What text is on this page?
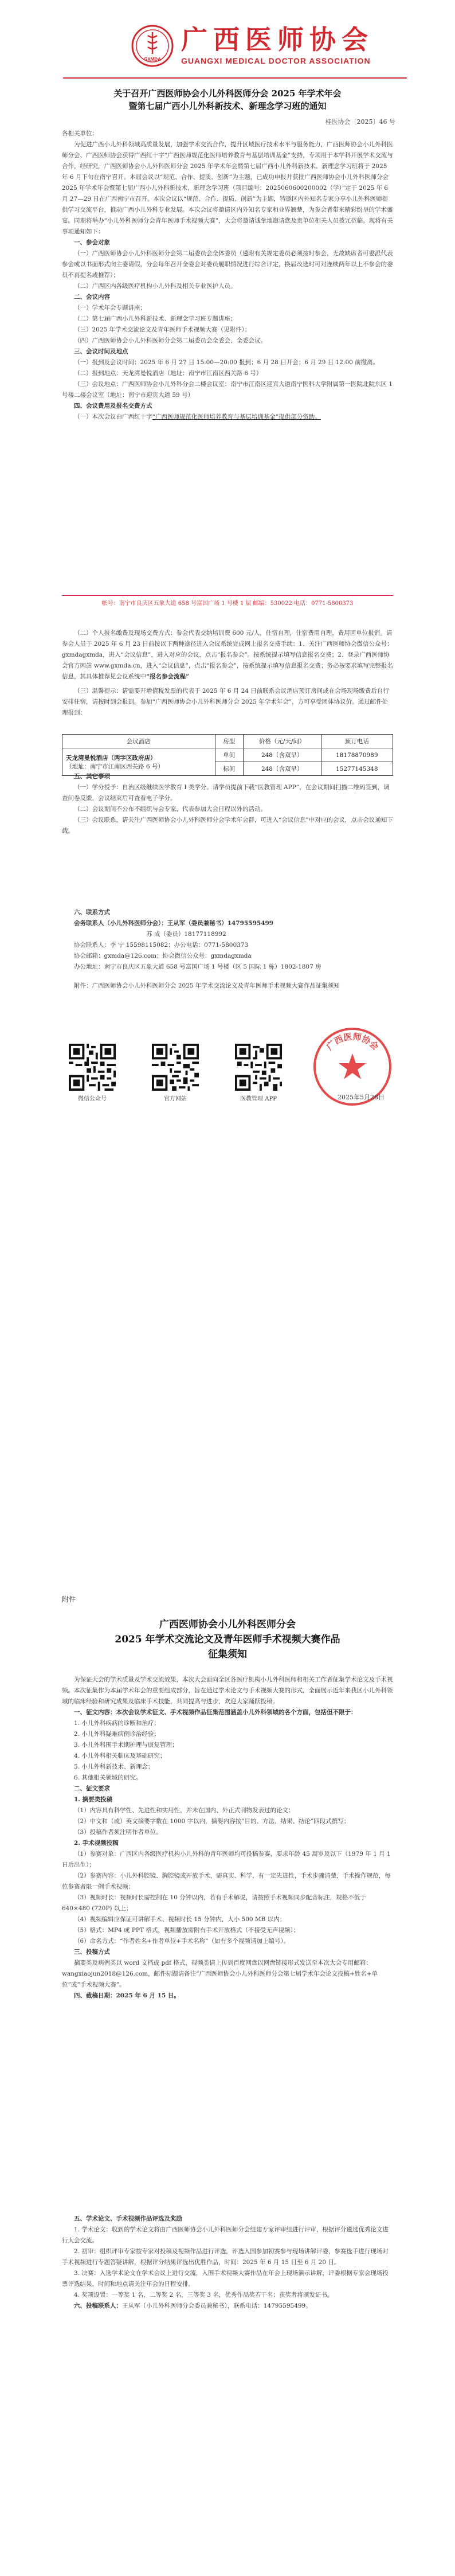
GXMDA
广西医师协会
GUANGXI MEDICAL DOCTOR ASSOCIATION
关于召开广西医师协会小儿外科医师分会 2025 年学术年会
暨第七届广西小儿外科新技术、新理念学习班的通知
桂医协会〔2025〕46 号

各相关单位：

为促进广西小儿外科领域高质量发展，加强学术交流合作，提升区域医疗技术水平与服务能力，广西医师协会小儿外科医师分会、广西医师协会获得广西红十字“广西医师规范化医师培养教育与基层培训基金”支持，专项用于本学科开展学术交流与合作，经研究，广西医师协会小儿外科医师分会 2025 年学术年会暨第七届广西小儿外科新技术、新理念学习班将于 2025 年 6 月下旬在南宁召开。本届会议以“规范、合作、提质、创新”为主题，已成功申报并获批广西医师协会小儿外科医师分会 2025 年学术年会暨第七届广西小儿外科新技术、新理念学习班（项目编号：2025060600200002（学）”定于 2025 年 6 月 27—29 日在广西南宁市召开。本次会议以“规范、合作、提质、创新”为主题，特邀区内外知名专家分享小儿外科医师提供学习交流平台，推动广西小儿外科专业发展。本次会议将邀请区内外知名专家和业界翘楚，为参会者带来精彩纷呈的学术盛宴。同期将举办“小儿外科医师分会青年医师手术视频大赛”，大会将邀请诚挚地邀请您及贵单位相关人员拨冗莅临。现将有关事项通知如下：

一、参会对象

（一）广西医师协会小儿外科医师分会第二届委员会全体委员（遴附有关规定委员必须按时参会，无故缺席者可委派代表参会或以书面形式向主委请假，分会每年召开全委会对委员履职情况进行综合评定，换届改选时可对连续两年以上不参会的委员不再提名或推荐）；

（二）广西区内各级医疗机构小儿外科及相关专业医护人员。

二、会议内容

（一）学术年会专题讲座；

（二）第七届广西小儿外科新技术、新理念学习班专题讲座；

（三）2025 年学术交流论文及青年医师手术视频大赛（见附件）；

（四）广西医师协会小儿外科医师分会第二届委员会全委会、全委会议。

三、会议时间及地点

（一）报到及会议时间：2025 年 6 月 27 日 15:00—20:00 报到；6 月 28 日开会；6 月 29 日 12:00 前撤离。

（二）报到地点：天龙湾曼悦酒店（地址：南宁市江南区西关路 6 号）

（三）会议地点：广西医师协会小儿外科分会二楼会议室：南宁市江南区迎宾大道南宁医科大学附属第一医院北院东区 1 号楼二楼会议室（地址：南宁市迎宾大道 59 号）

四、会议费用及报名交费方式

（一）本次会议由广西红十字“广西医师规范化医师培养教育与基层培训基金”提供部分资助。

帐号：南宁市良庆区五象大道 658 号富国广场 1 号楼 1 层 邮编：530022 电话：0771-5800373

（二）个人报名缴费及现场交费方式：参会代表交纳培训费 600 元/人，住宿自理，住宿费用自理，费用回单位报销。请参会人员于 2025 年 6 月 23 日前按以下两种途径进入会议系统完成网上报名交费手续：1、关注广西医师协会微信公众号：gxmdagxmda，进入“会议信息”，进入对应的会议，点击“报名参会”。按系统提示填写信息报名交费；2、登录广西医师协会官方网站 www.gxmda.cn，进入“会议信息”，点击“报名参会”，按系统提示填写信息报名交费；务必按要求填写完整报名信息，其具体推荐见会议系统中“报名参会流程”

（三）温馨提示：请需要开增值税发票的代表于 2025 年 6 月 24 日前联系会议酒店预订房间或在会场现场缴费后自行安排住宿，请按时到会报到。参加“广西医师协会小儿外科医师分会 2025 年学术年会”，方可享受团体协议价。通过邮件处理报到：

会议酒店	房型	价格（元/天/间）	预订电话
天龙湾曼悦酒店（两字区政府店）
（地址：南宁市江南区西关路 6 号）	单间	248（含双早）	18178870989
	标间	248（含双早）	15277145348

五、其它事项

（一）学分授予：自治区级继续医学教育 I 类学分。请学员提前下载“医教管理 APP”，在会议期间扫描二维码签到，调查问卷反馈，会议结束后可查看电子学分。

（二）会议期间不公布不组织与会专家，代表参加大会日程以外的活动。

（三）会议联系，请关注广西医师协会小儿外科医师分会学术年会群，可进入“会议信息”中对应的会议，点击会议通知下载。

六、联系方式

会务联系人（小儿外科医师分会）：王从军（委员兼秘书）14795595499

苏 成（委员）18177118992

协会联系人：李 宁 15598115082；办公电话：0771-5800373

协会邮箱：gxmda@126.com；协会微信公众号：gxmdagxmda

办公地址：南宁市良庆区五象大道 658 号富国广场 1 号楼（区 5 国际 1 栋）1802-1807 房

附件：广西医师协会小儿外科医师分会 2025 年学术交流论文及青年医师手术视频大赛作品征集须知

微信公众号	官方网站	医教管理 APP
广西医师协会
2025年5月28日
附件
广西医师协会小儿外科医师分会
2025 年学术交流论文及青年医师手术视频大赛作品
征集须知

为保证大会的学术质量及学术交流效果，本次大会面向全区各医疗机构小儿外科医师和相关工作者征集学术论文及手术视频。本次征集作为本届学术年会的重要组成部分，旨在通过学术论文与手术视频大赛的形式，全面展示近年来我区小儿外科领域的临床经验和研究成果及临床手术技能，共同提高与进步，欢迎大家踊跃投稿。

一、征文内容：本次会议学术征文、手术视频作品征集范围涵盖小儿外科领域的各个方面，包括但不限于：

1. 小儿外科疾病的诊断和治疗；

2. 小儿外科疑难病例诊治经验；

3. 小儿外科围手术期护理与康复管理；

4. 小儿外科相关临床及基础研究；

5. 小儿外科新技术、新理念；

6. 其他相关领域的研究。

二、征文要求

1. 摘要类投稿

（1）内容具有科学性、先进性和实用性，并未在国内、外正式刊物发表过的论文；

（2）中文和（或）英文摘要字数在 1000 字以内，摘要内容按“目的、方法、结果、结论”四段式撰写；

（3）投稿作者须注明作者单位。

2. 手术视频投稿

（1）参赛对象：广西区内各级医疗机构小儿外科的青年医师均可投稿参赛，要求年龄 45 周岁及以下（1979 年 1 月 1 日后出生）；

（2）参赛内容：小儿外科腔镜、胸腔镜或开放手术，需真实、科学，有一定先进性，手术步骤清楚，手术操作规范，每位参赛者限一例手术视频；

（3）视频时长：视频时长需控制在 10 分钟以内，若有手术解说，请按照手术视频同步配音标注，规格不低于 640×480 (720P) 以上；

（4）视频编辑应保证可讲解手术、视频时长 15 分钟内，大小 500 MB 以内；

（5）格式：MP4 或 PPT 格式，视频播放需附有手术开放格式（不接受无声视频）；

（6）命名方式：“作者姓名+作者单位+手术名称”（如有多个视频请加上编号）。

三、投稿方式

摘要类及病例类以 word 文档或 pdf 格式，视频类请上传到百度网盘以网盘链接形式发送至本次大会专用邮箱：wangxiaojun2018@126.com，邮件标题请备注“广西医师协会小儿外科医师分会第七届学术年会论文投稿+姓名+单位”或“手术视频大赛”。

四、截稿日期：2025 年 6 月 15 日。

五、学术论文、手术视频作品评选及奖励

1. 学术论文：收到的学术论文将由广西医师协会小儿外科医师分会组建专家评审组进行评审，根据评分遴选优秀论文进行大会交流。

2. 初审：组织评审专家按专家对投稿及视频作品进行评选，评选入围参加初赛参与现场讲解评委，参赛选手进行现场对手术视频进行专题答疑讲解，根据评分结果评选出优胜作品，时间：2025 年 6 月 15 日至 6 月 20 日。

3. 决赛：入选学术论文在学术会议上进行交流，入围手术视频大赛作品在年会上现场演示讲解，评委根据专家会现场投票评选结果，时间和地点请关注年会的日程安排。

4. 奖项设置：一等奖 1 名，二等奖 2 名，三等奖 3 名，优秀作品奖若干名；获奖者将颁发证书。

六、投稿联系人：王从军（小儿外科医师分会委员兼秘书），联系电话：14795595499。
